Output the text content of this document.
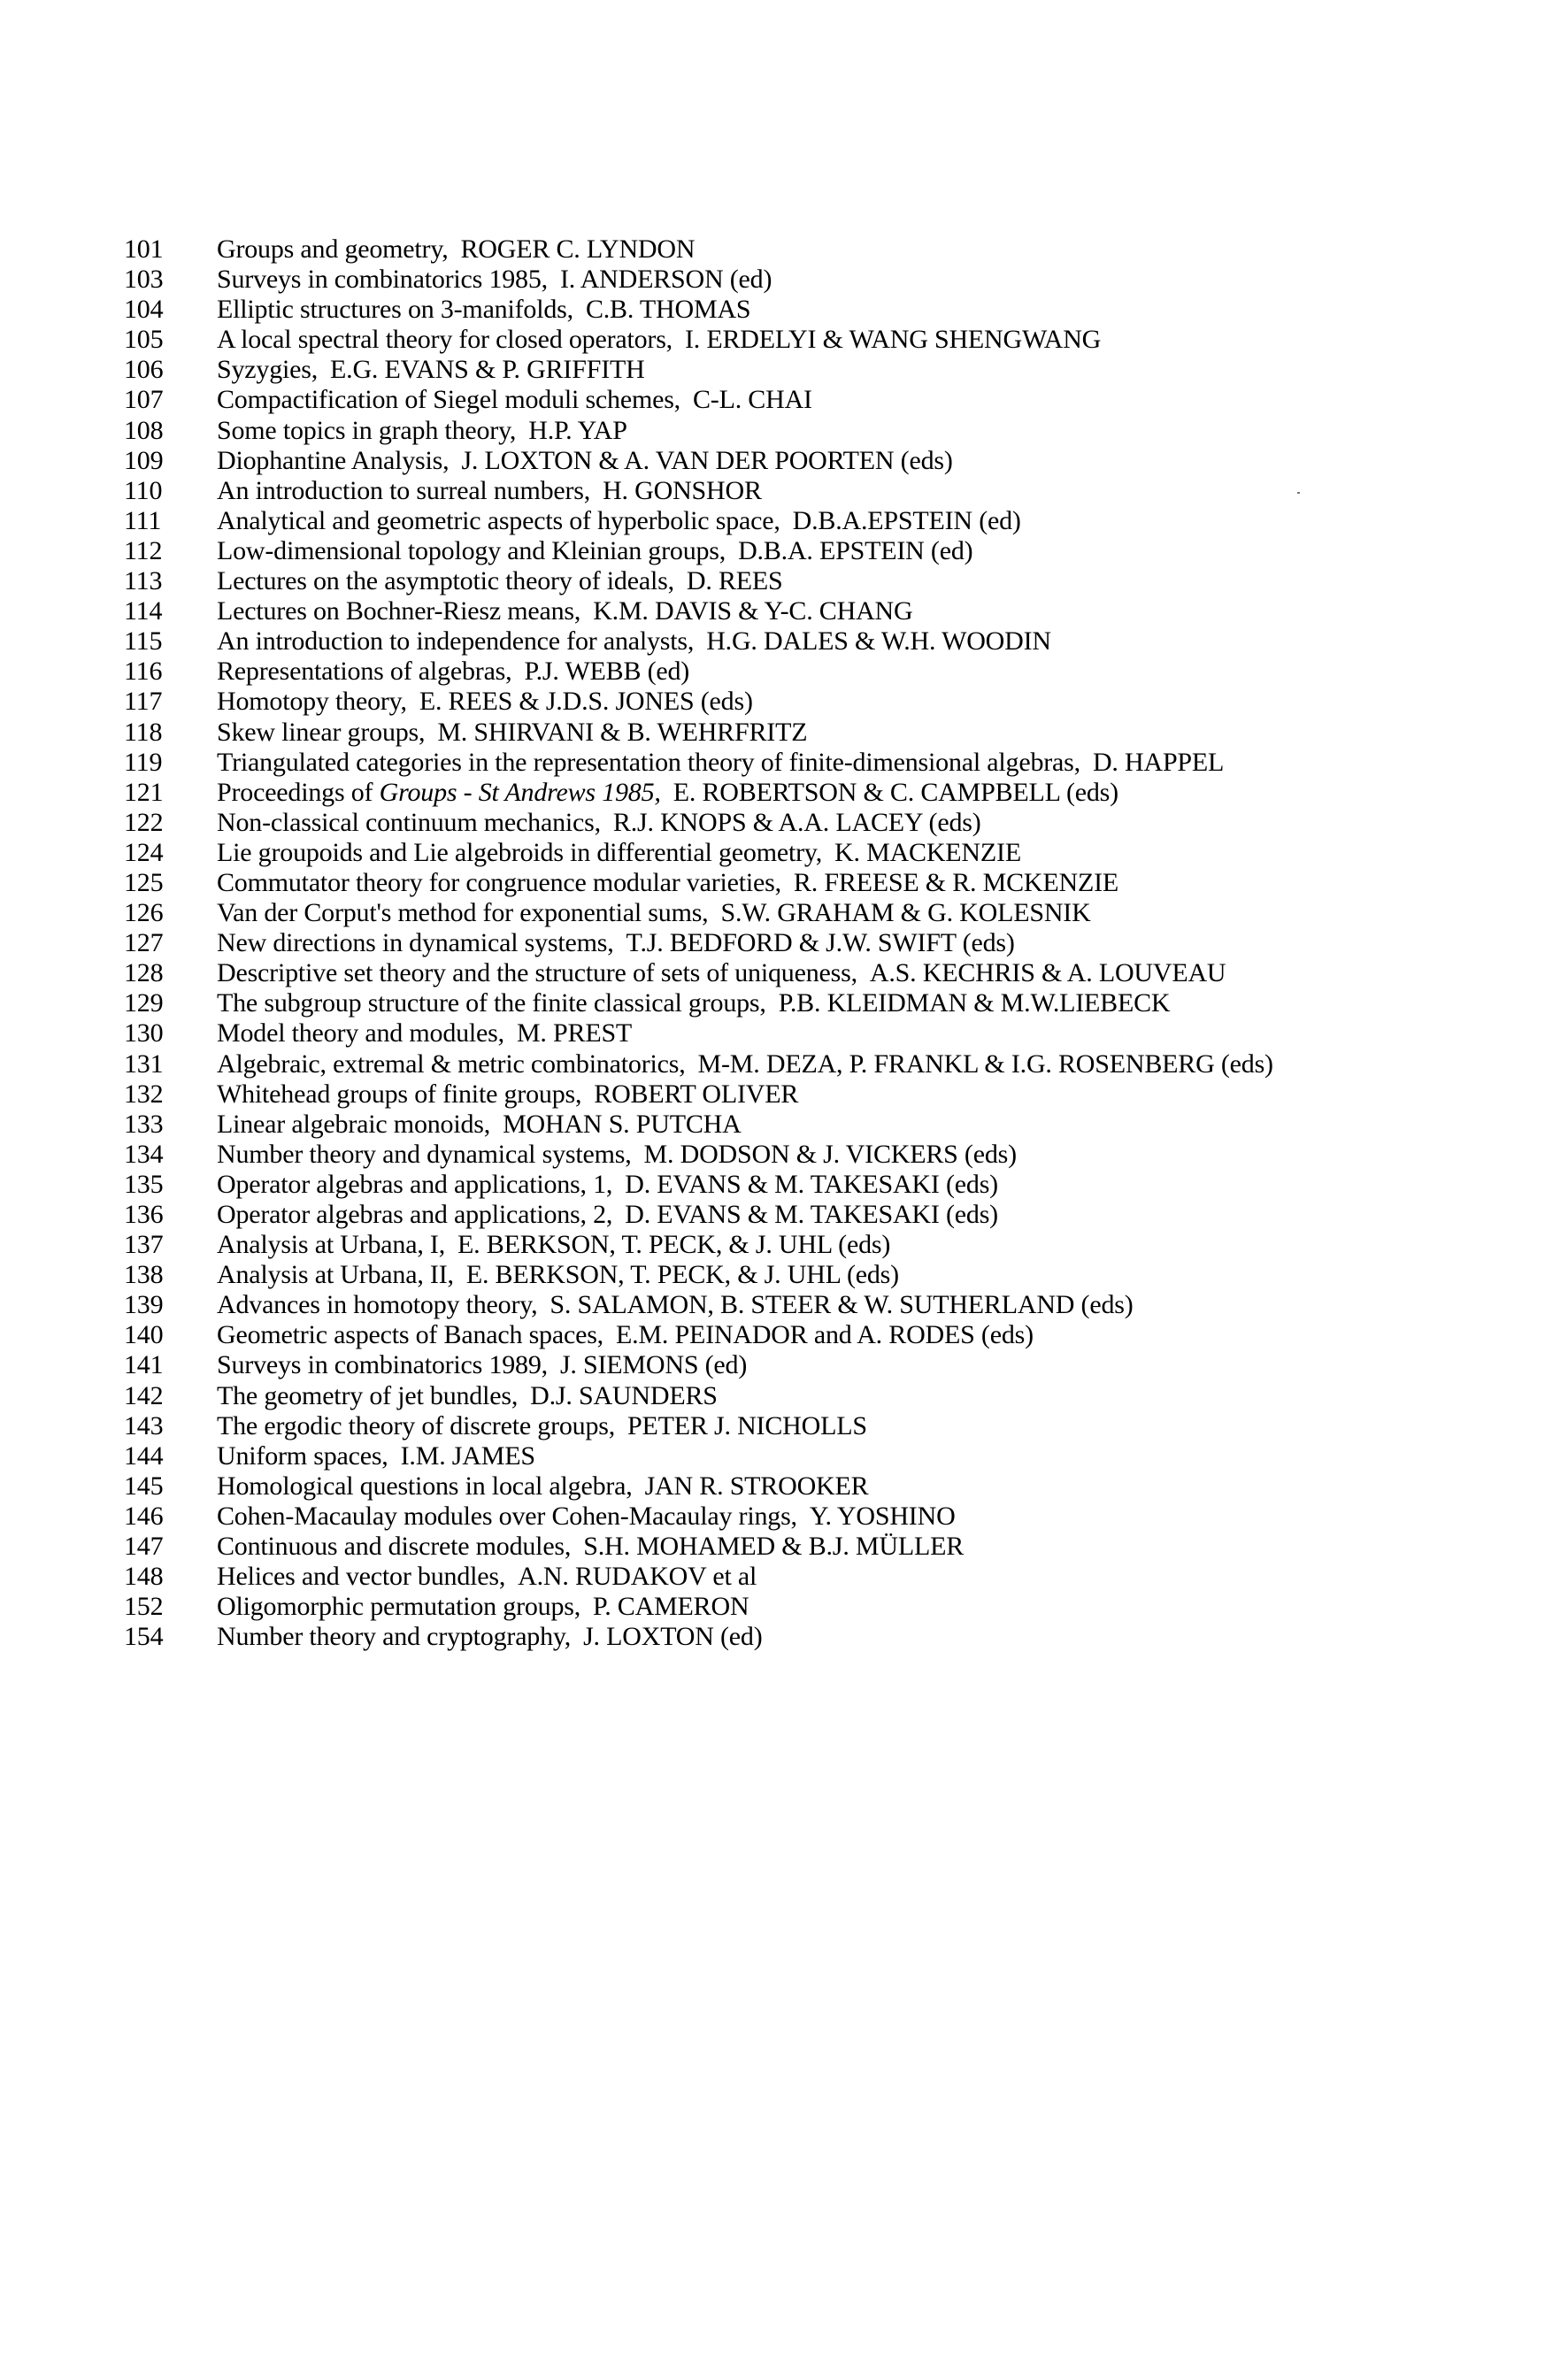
101	Groups and geometry, ROGER C. LYNDON
103	Surveys in combinatorics 1985, I. ANDERSON (ed)
104	Elliptic structures on 3-manifolds, C.B. THOMAS
105	A local spectral theory for closed operators, I. ERDELYI & WANG SHENGWANG
106	Syzygies, E.G. EVANS & P. GRIFFITH
107	Compactification of Siegel moduli schemes, C-L. CHAI
108	Some topics in graph theory, H.P. YAP
109	Diophantine Analysis, J. LOXTON & A. VAN DER POORTEN (eds)
110	An introduction to surreal numbers, H. GONSHOR
111	Analytical and geometric aspects of hyperbolic space, D.B.A.EPSTEIN (ed)
112	Low-dimensional topology and Kleinian groups, D.B.A. EPSTEIN (ed)
113	Lectures on the asymptotic theory of ideals, D. REES
114	Lectures on Bochner-Riesz means, K.M. DAVIS & Y-C. CHANG
115	An introduction to independence for analysts, H.G. DALES & W.H. WOODIN
116	Representations of algebras, P.J. WEBB (ed)
117	Homotopy theory, E. REES & J.D.S. JONES (eds)
118	Skew linear groups, M. SHIRVANI & B. WEHRFRITZ
119	Triangulated categories in the representation theory of finite-dimensional algebras, D. HAPPEL
121	Proceedings of Groups - St Andrews 1985, E. ROBERTSON & C. CAMPBELL (eds)
122	Non-classical continuum mechanics, R.J. KNOPS & A.A. LACEY (eds)
124	Lie groupoids and Lie algebroids in differential geometry, K. MACKENZIE
125	Commutator theory for congruence modular varieties, R. FREESE & R. MCKENZIE
126	Van der Corput's method for exponential sums, S.W. GRAHAM & G. KOLESNIK
127	New directions in dynamical systems, T.J. BEDFORD & J.W. SWIFT (eds)
128	Descriptive set theory and the structure of sets of uniqueness, A.S. KECHRIS & A. LOUVEAU
129	The subgroup structure of the finite classical groups, P.B. KLEIDMAN & M.W.LIEBECK
130	Model theory and modules, M. PREST
131	Algebraic, extremal & metric combinatorics, M-M. DEZA, P. FRANKL & I.G. ROSENBERG (eds)
132	Whitehead groups of finite groups, ROBERT OLIVER
133	Linear algebraic monoids, MOHAN S. PUTCHA
134	Number theory and dynamical systems, M. DODSON & J. VICKERS (eds)
135	Operator algebras and applications, 1, D. EVANS & M. TAKESAKI (eds)
136	Operator algebras and applications, 2, D. EVANS & M. TAKESAKI (eds)
137	Analysis at Urbana, I, E. BERKSON, T. PECK, & J. UHL (eds)
138	Analysis at Urbana, II, E. BERKSON, T. PECK, & J. UHL (eds)
139	Advances in homotopy theory, S. SALAMON, B. STEER & W. SUTHERLAND (eds)
140	Geometric aspects of Banach spaces, E.M. PEINADOR and A. RODES (eds)
141	Surveys in combinatorics 1989, J. SIEMONS (ed)
142	The geometry of jet bundles, D.J. SAUNDERS
143	The ergodic theory of discrete groups, PETER J. NICHOLLS
144	Uniform spaces, I.M. JAMES
145	Homological questions in local algebra, JAN R. STROOKER
146	Cohen-Macaulay modules over Cohen-Macaulay rings, Y. YOSHINO
147	Continuous and discrete modules, S.H. MOHAMED & B.J. MÜLLER
148	Helices and vector bundles, A.N. RUDAKOV et al
152	Oligomorphic permutation groups, P. CAMERON
154	Number theory and cryptography, J. LOXTON (ed)
